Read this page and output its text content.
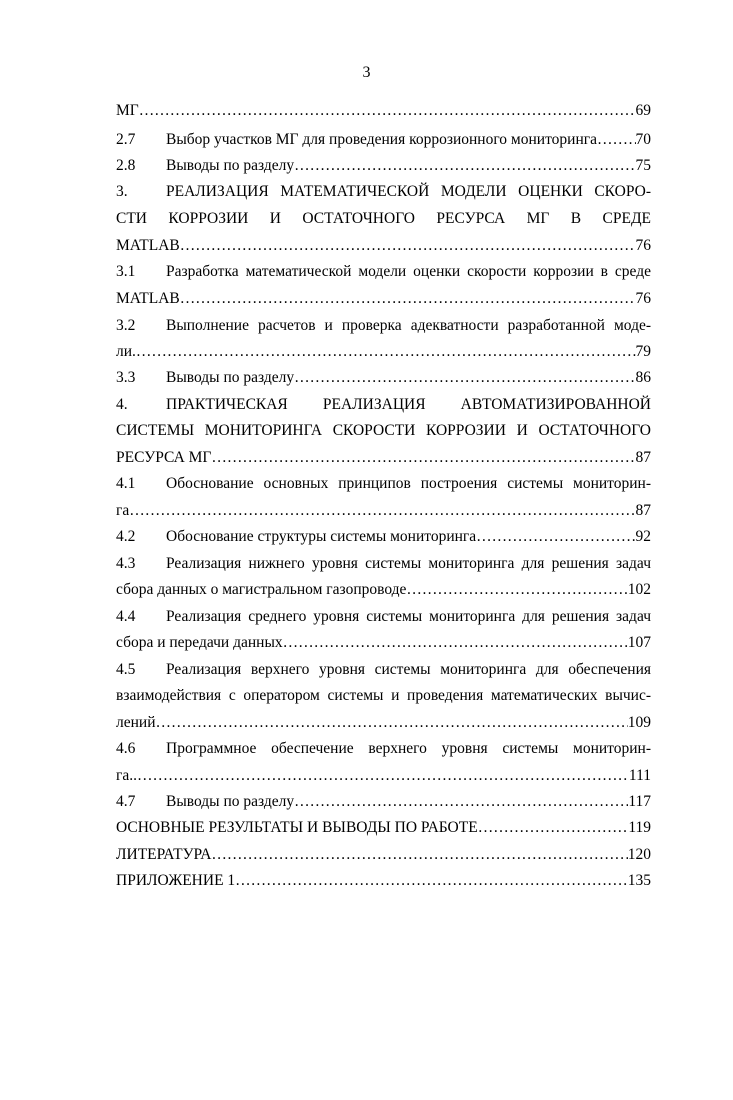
3
МГ …………………………………………………………………………………………………………………………………………………………………………………………	69
2.7	Выбор участков МГ для проведения коррозионного мониторинга ………………………………………………………………………………………………………………………………………………………………………………………… 70
2.8	Выводы по разделу …………………………………………………………………………………………………………………………………………………………………………………………	75
3.	РЕАЛИЗАЦИЯ МАТЕМАТИЧЕСКОЙ МОДЕЛИ ОЦЕНКИ СКОРО-
СТИ КОРРОЗИИ И ОСТАТОЧНОГО РЕСУРСА МГ В СРЕДЕ
MATLAB …………………………………………………………………………………………………………………………………………………………………………………………	76
3.1	Разработка математической модели оценки скорости коррозии в среде
MATLAB …………………………………………………………………………………………………………………………………………………………………………………………	76
3.2	Выполнение расчетов и проверка адекватности разработанной моде-
ли. …………………………………………………………………………………………………………………………………………………………………………………………	79
3.3	Выводы по разделу …………………………………………………………………………………………………………………………………………………………………………………………	86
4.	ПРАКТИЧЕСКАЯ РЕАЛИЗАЦИЯ АВТОМАТИЗИРОВАННОЙ
СИСТЕМЫ МОНИТОРИНГА СКОРОСТИ КОРРОЗИИ И ОСТАТОЧНОГО
РЕСУРСА МГ …………………………………………………………………………………………………………………………………………………………………………………………	87
4.1	Обоснование основных принципов построения системы мониторин-
га …………………………………………………………………………………………………………………………………………………………………………………………	87
4.2	Обоснование структуры системы мониторинга …………………………………………………………………………………………………………………………………………………………………………………………	92
4.3	Реализация нижнего уровня системы мониторинга для решения задач
сбора данных о магистральном газопроводе …………………………………………………………………………………………………………………………………………………………………………………………	102
4.4	Реализация среднего уровня системы мониторинга для решения задач
сбора и передачи данных …………………………………………………………………………………………………………………………………………………………………………………………	107
4.5	Реализация верхнего уровня системы мониторинга для обеспечения
взаимодействия с оператором системы и проведения математических вычис-
лений …………………………………………………………………………………………………………………………………………………………………………………………	109
4.6	Программное обеспечение верхнего уровня системы мониторин-
га.. …………………………………………………………………………………………………………………………………………………………………………………………	111
4.7	Выводы по разделу …………………………………………………………………………………………………………………………………………………………………………………………	117
ОСНОВНЫЕ РЕЗУЛЬТАТЫ И ВЫВОДЫ ПО РАБОТЕ …………………………………………………………………………………………………………………………………………………………………………………………	119
ЛИТЕРАТУРА …………………………………………………………………………………………………………………………………………………………………………………………	120
ПРИЛОЖЕНИЕ 1 …………………………………………………………………………………………………………………………………………………………………………………………	135
